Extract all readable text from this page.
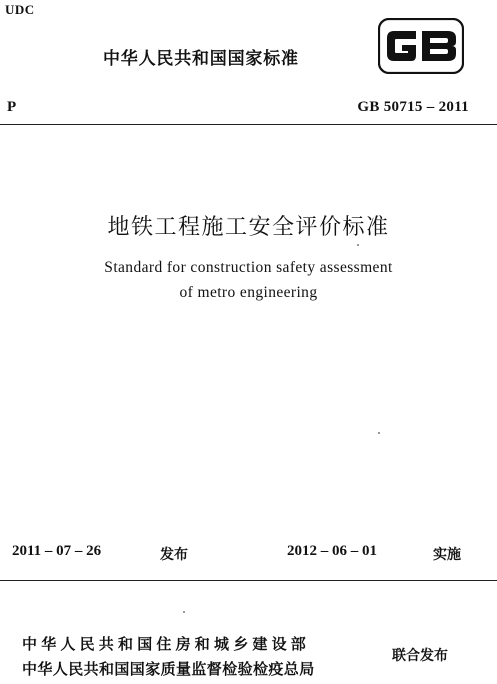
UDC
中华人民共和国国家标准
P	GB 50715 – 2011
地铁工程施工安全评价标准
Standard for construction safety assessment
of metro engineering
2011 – 07 – 26	发布	2012 – 06 – 01	实施
中华人民共和国住房和城乡建设部
中华人民共和国国家质量监督检验检疫总局
联合发布
